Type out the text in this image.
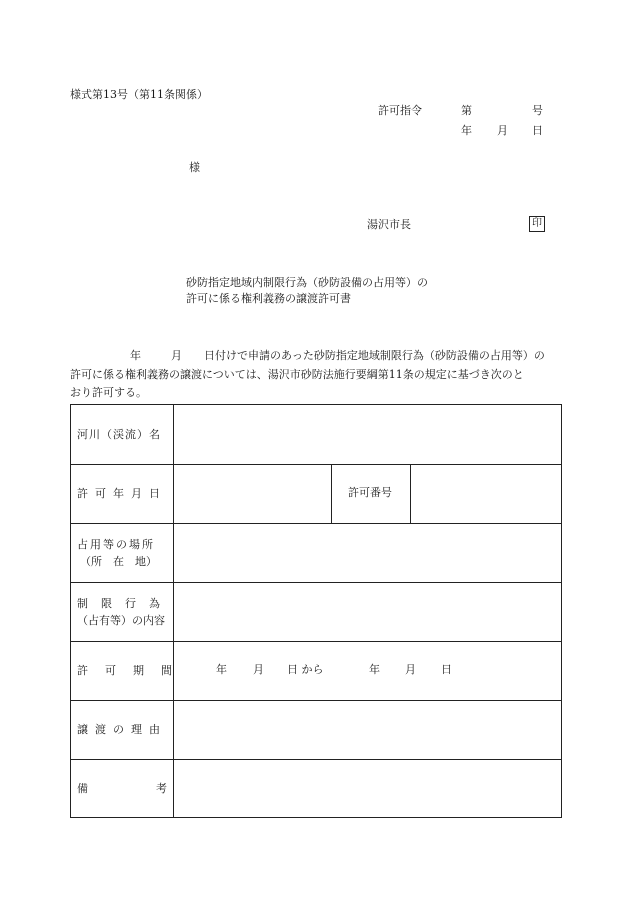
様式第13号（第11条関係）
許可指令	第	号
年 月 日
様
湯沢市長	印
砂防指定地域内制限行為（砂防設備の占用等）の
許可に係る権利義務の譲渡許可書
年	月 日付けで申請のあった砂防指定地域制限行為（砂防設備の占用等）の
許可に係る権利義務の譲渡については、湯沢市砂防法施行要綱第11条の規定に基づき次のと
おり許可する。
河川（渓流）名
許可年月日	許可番号
占用等の場所
（所　在　地）
制　限　行　為
（占有等）の内容
許可期間 年 月 日 から	年 月 日
譲渡の理由
備	考
